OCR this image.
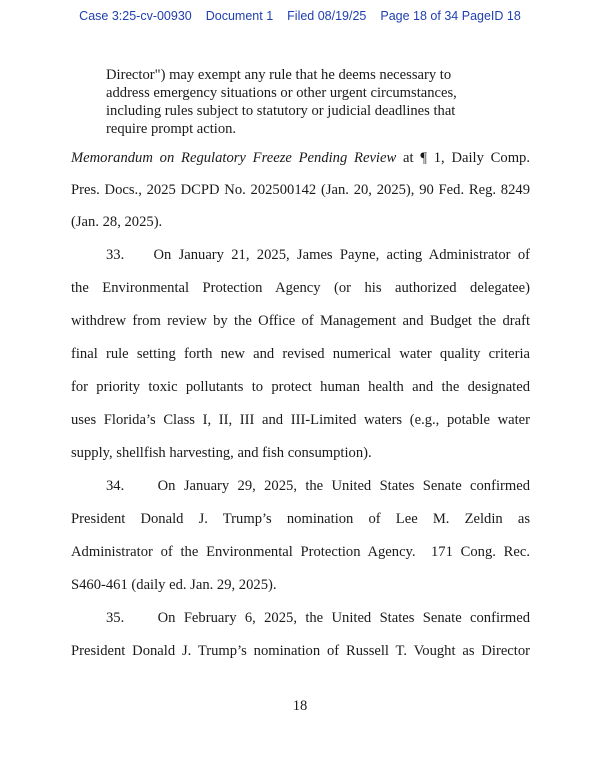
Case 3:25-cv-00930 Document 1 Filed 08/19/25 Page 18 of 34 PageID 18
Director") may exempt any rule that he deems necessary to
address emergency situations or other urgent circumstances,
including rules subject to statutory or judicial deadlines that
require prompt action.
Memorandum on Regulatory Freeze Pending Review at ¶ 1, Daily Comp.
Pres. Docs., 2025 DCPD No. 202500142 (Jan. 20, 2025), 90 Fed. Reg. 8249
(Jan. 28, 2025).
33.    On January 21, 2025, James Payne, acting Administrator of
the Environmental Protection Agency (or his authorized delegatee)
withdrew from review by the Office of Management and Budget the draft
final rule setting forth new and revised numerical water quality criteria
for priority toxic pollutants to protect human health and the designated
uses Florida’s Class I, II, III and III-Limited waters (e.g., potable water
supply, shellfish harvesting, and fish consumption).
34.    On January 29, 2025, the United States Senate confirmed
President Donald J. Trump’s nomination of Lee M. Zeldin as
Administrator of the Environmental Protection Agency.  171 Cong. Rec.
S460-461 (daily ed. Jan. 29, 2025).
35.    On February 6, 2025, the United States Senate confirmed
President Donald J. Trump’s nomination of Russell T. Vought as Director
18
